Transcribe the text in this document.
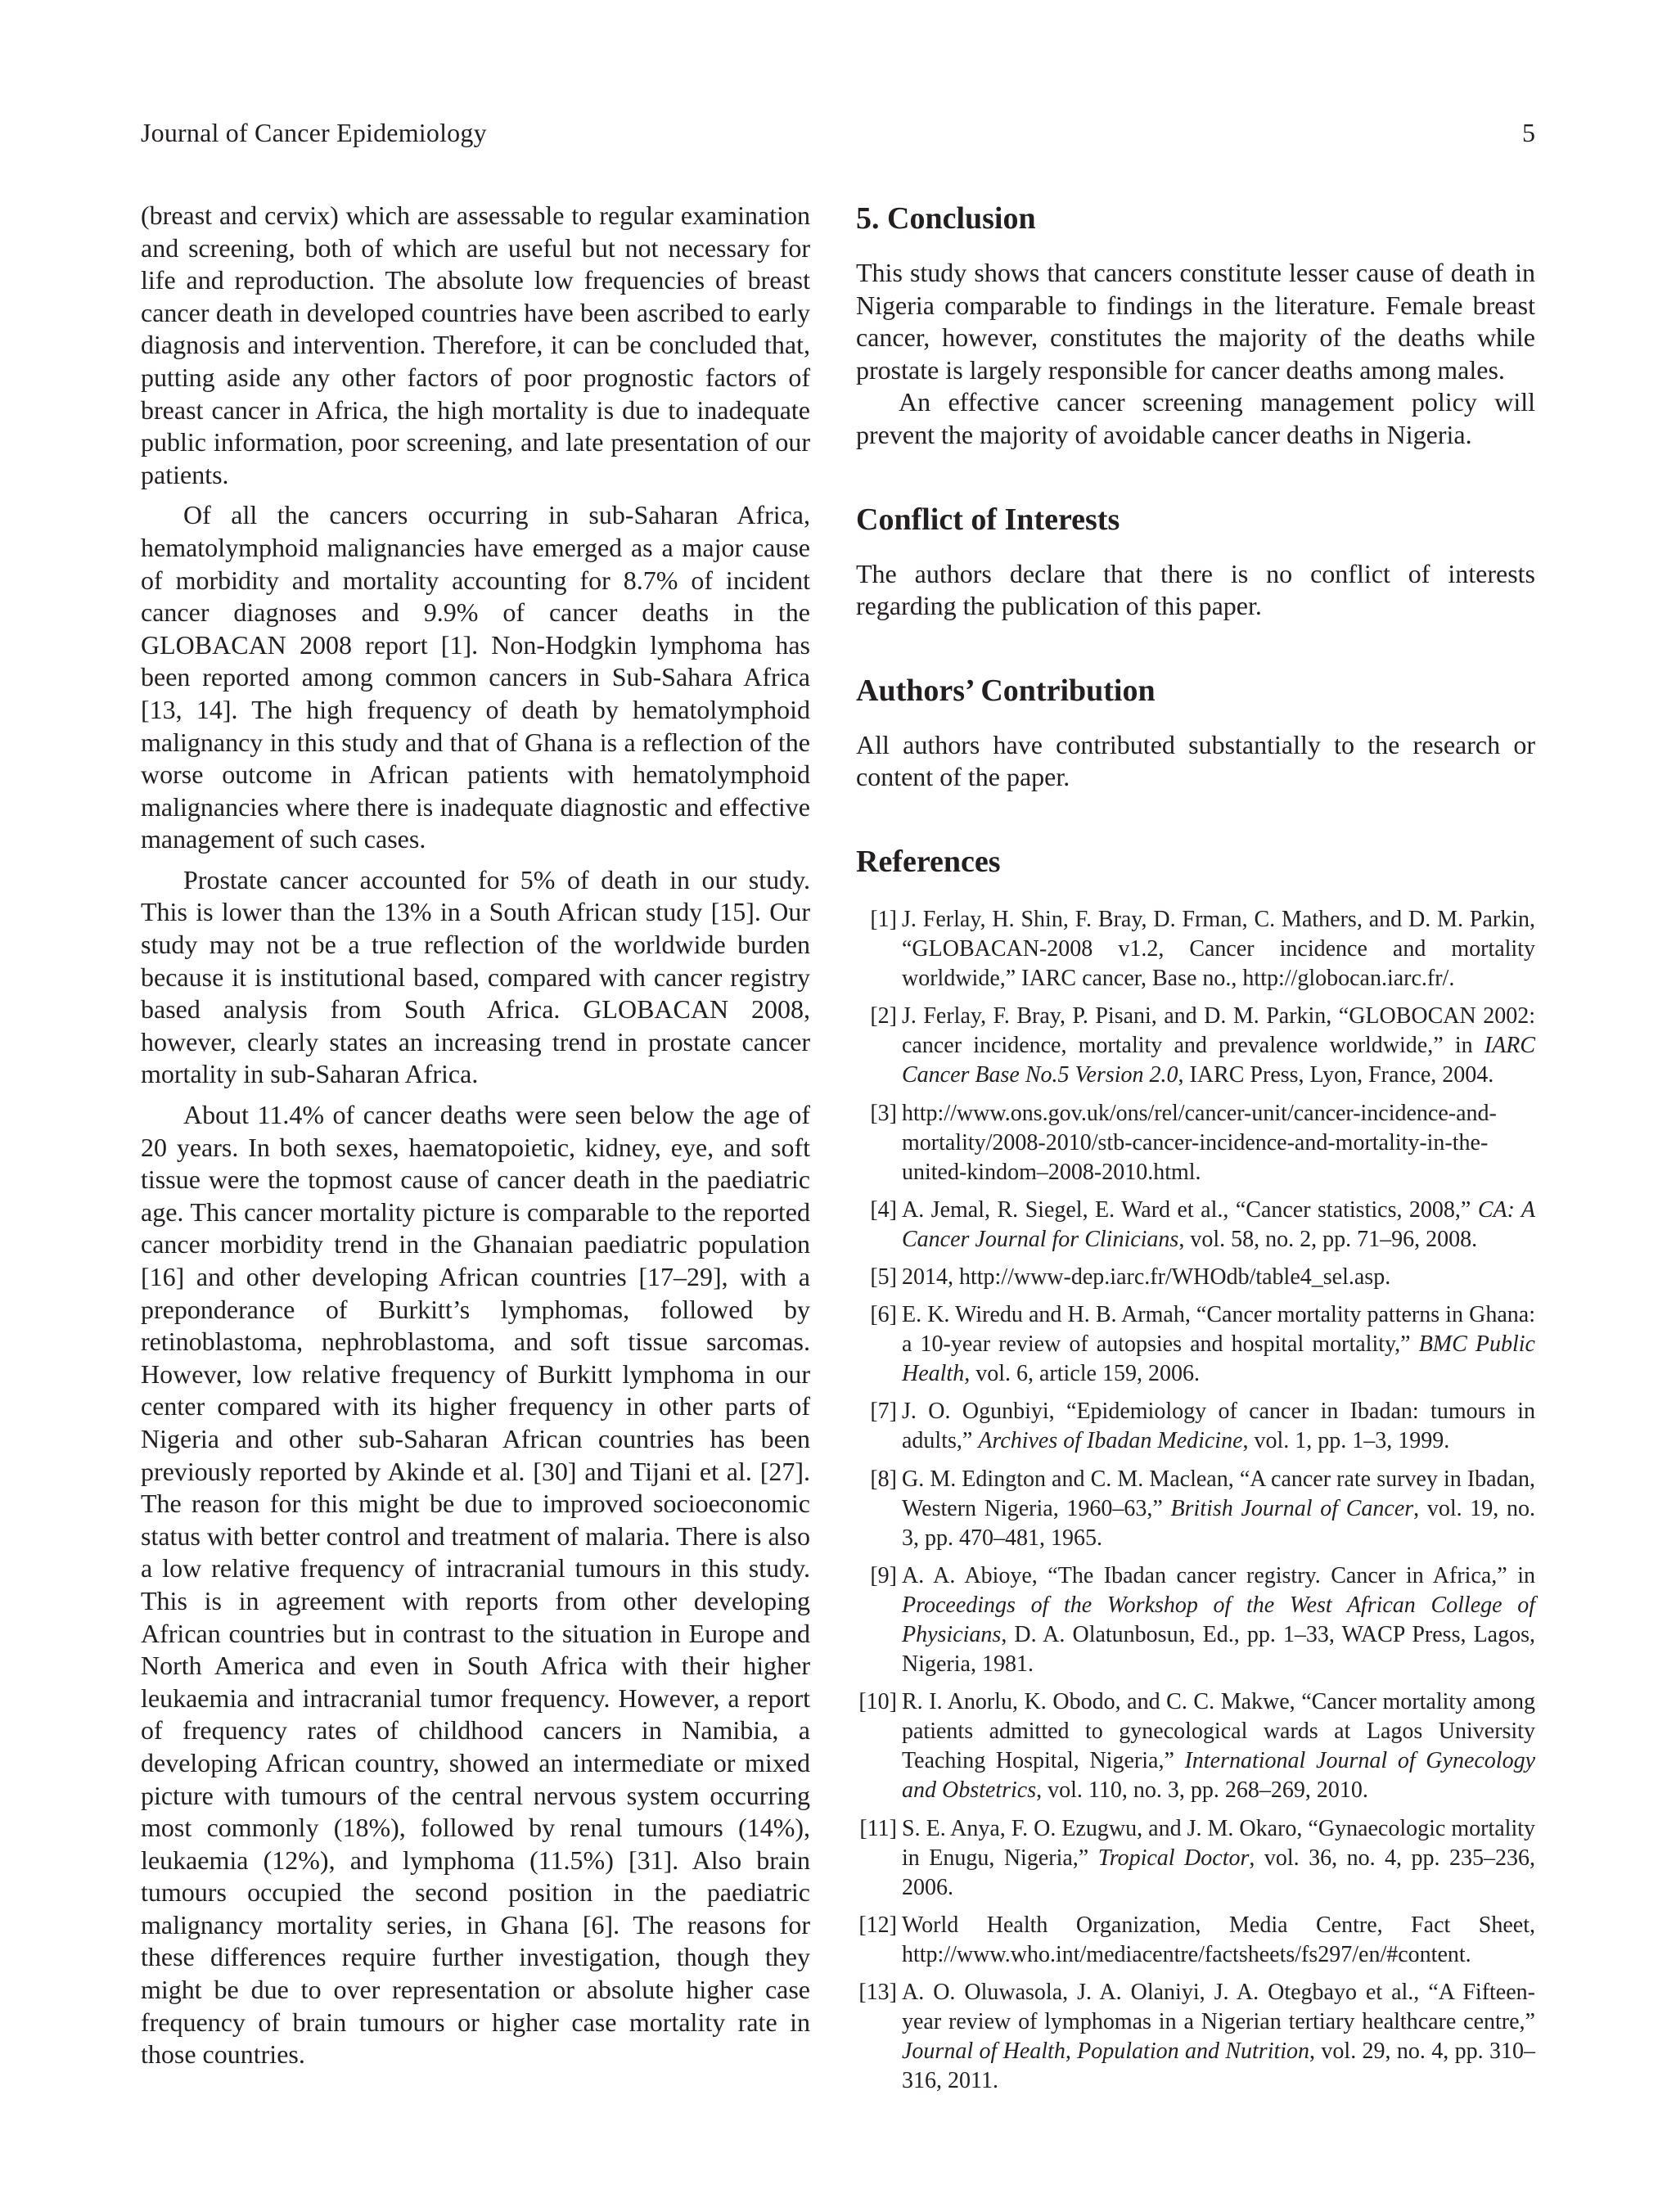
Journal of Cancer Epidemiology	5

(breast and cervix) which are assessable to regular examination and screening, both of which are useful but not necessary for life and reproduction. The absolute low frequencies of breast cancer death in developed countries have been ascribed to early diagnosis and intervention. Therefore, it can be concluded that, putting aside any other factors of poor prognostic factors of breast cancer in Africa, the high mortality is due to inadequate public information, poor screening, and late presentation of our patients.

Of all the cancers occurring in sub-Saharan Africa, hematolymphoid malignancies have emerged as a major cause of morbidity and mortality accounting for 8.7% of incident cancer diagnoses and 9.9% of cancer deaths in the GLOBACAN 2008 report [1]. Non-Hodgkin lymphoma has been reported among common cancers in Sub-Sahara Africa [13, 14]. The high frequency of death by hematolymphoid malignancy in this study and that of Ghana is a reflection of the worse outcome in African patients with hematolymphoid malignancies where there is inadequate diagnostic and effective management of such cases.

Prostate cancer accounted for 5% of death in our study. This is lower than the 13% in a South African study [15]. Our study may not be a true reflection of the worldwide burden because it is institutional based, compared with cancer registry based analysis from South Africa. GLOBACAN 2008, however, clearly states an increasing trend in prostate cancer mortality in sub-Saharan Africa.

About 11.4% of cancer deaths were seen below the age of 20 years. In both sexes, haematopoietic, kidney, eye, and soft tissue were the topmost cause of cancer death in the paediatric age. This cancer mortality picture is comparable to the reported cancer morbidity trend in the Ghanaian paediatric population [16] and other developing African countries [17–29], with a preponderance of Burkitt’s lymphomas, followed by retinoblastoma, nephroblastoma, and soft tissue sarcomas. However, low relative frequency of Burkitt lymphoma in our center compared with its higher frequency in other parts of Nigeria and other sub-Saharan African countries has been previously reported by Akinde et al. [30] and Tijani et al. [27]. The reason for this might be due to improved socioeconomic status with better control and treatment of malaria. There is also a low relative frequency of intracranial tumours in this study. This is in agreement with reports from other developing African countries but in contrast to the situation in Europe and North America and even in South Africa with their higher leukaemia and intracranial tumor frequency. However, a report of frequency rates of childhood cancers in Namibia, a developing African country, showed an intermediate or mixed picture with tumours of the central nervous system occurring most commonly (18%), followed by renal tumours (14%), leukaemia (12%), and lymphoma (11.5%) [31]. Also brain tumours occupied the second position in the paediatric malignancy mortality series, in Ghana [6]. The reasons for these differences require further investigation, though they might be due to over representation or absolute higher case frequency of brain tumours or higher case mortality rate in those countries.

5. Conclusion

This study shows that cancers constitute lesser cause of death in Nigeria comparable to findings in the literature. Female breast cancer, however, constitutes the majority of the deaths while prostate is largely responsible for cancer deaths among males.

An effective cancer screening management policy will prevent the majority of avoidable cancer deaths in Nigeria.

Conflict of Interests

The authors declare that there is no conflict of interests regarding the publication of this paper.

Authors’ Contribution

All authors have contributed substantially to the research or content of the paper.

References
[1] J. Ferlay, H. Shin, F. Bray, D. Frman, C. Mathers, and D. M. Parkin, “GLOBACAN-2008 v1.2, Cancer incidence and mortality worldwide,” IARC cancer, Base no., http://globocan.iarc.fr/.
[2] J. Ferlay, F. Bray, P. Pisani, and D. M. Parkin, “GLOBOCAN 2002: cancer incidence, mortality and prevalence worldwide,” in IARC Cancer Base No.5 Version 2.0, IARC Press, Lyon, France, 2004.
[3] http://www.ons.gov.uk/ons/rel/cancer-unit/cancer-incidence-and-mortality/2008-2010/stb-cancer-incidence-and-mortality-in-the-united-kindom–2008-2010.html.
[4] A. Jemal, R. Siegel, E. Ward et al., “Cancer statistics, 2008,” CA: A Cancer Journal for Clinicians, vol. 58, no. 2, pp. 71–96, 2008.
[5] 2014, http://www-dep.iarc.fr/WHOdb/table4_sel.asp.
[6] E. K. Wiredu and H. B. Armah, “Cancer mortality patterns in Ghana: a 10-year review of autopsies and hospital mortality,” BMC Public Health, vol. 6, article 159, 2006.
[7] J. O. Ogunbiyi, “Epidemiology of cancer in Ibadan: tumours in adults,” Archives of Ibadan Medicine, vol. 1, pp. 1–3, 1999.
[8] G. M. Edington and C. M. Maclean, “A cancer rate survey in Ibadan, Western Nigeria, 1960–63,” British Journal of Cancer, vol. 19, no. 3, pp. 470–481, 1965.
[9] A. A. Abioye, “The Ibadan cancer registry. Cancer in Africa,” in Proceedings of the Workshop of the West African College of Physicians, D. A. Olatunbosun, Ed., pp. 1–33, WACP Press, Lagos, Nigeria, 1981.
[10] R. I. Anorlu, K. Obodo, and C. C. Makwe, “Cancer mortality among patients admitted to gynecological wards at Lagos University Teaching Hospital, Nigeria,” International Journal of Gynecology and Obstetrics, vol. 110, no. 3, pp. 268–269, 2010.
[11] S. E. Anya, F. O. Ezugwu, and J. M. Okaro, “Gynaecologic mortality in Enugu, Nigeria,” Tropical Doctor, vol. 36, no. 4, pp. 235–236, 2006.
[12] World Health Organization, Media Centre, Fact Sheet, http://www.who.int/mediacentre/factsheets/fs297/en/#content.
[13] A. O. Oluwasola, J. A. Olaniyi, J. A. Otegbayo et al., “A Fifteen-year review of lymphomas in a Nigerian tertiary healthcare centre,” Journal of Health, Population and Nutrition, vol. 29, no. 4, pp. 310–316, 2011.
